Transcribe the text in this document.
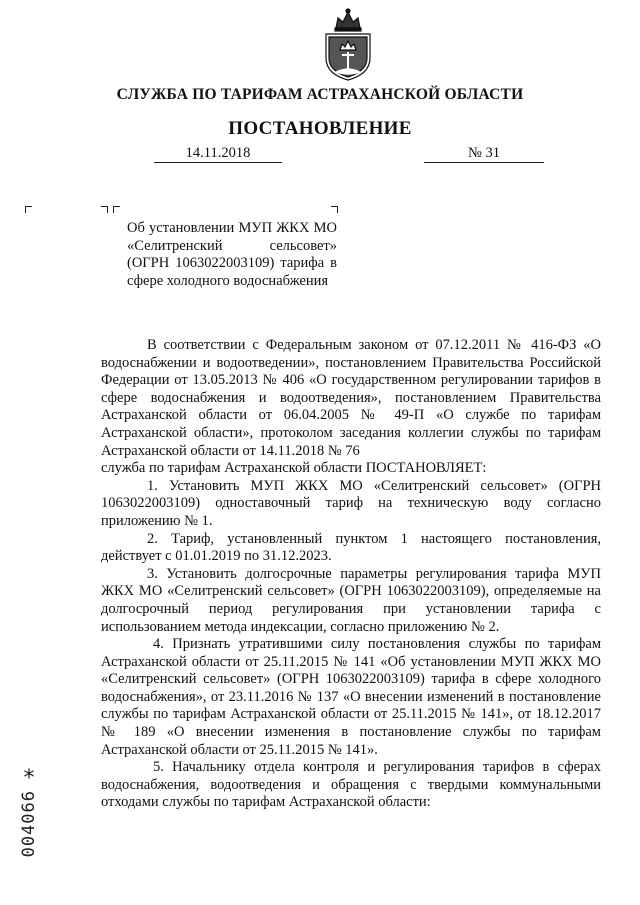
СЛУЖБА ПО ТАРИФАМ АСТРАХАНСКОЙ ОБЛАСТИ
ПОСТАНОВЛЕНИЕ
14.11.2018	№ 31
Об установлении МУП ЖКХ МО «Селитренский сельсовет» (ОГРН 1063022003109) тарифа в сфере холодного водоснабжения

В соответствии с Федеральным законом от 07.12.2011 № 416-ФЗ «О водоснабжении и водоотведении», постановлением Правительства Российской Федерации от 13.05.2013 № 406 «О государственном регулировании тарифов в сфере водоснабжения и водоотведения», постановлением Правительства Астраханской области от 06.04.2005 № 49-П «О службе по тарифам Астраханской области», протоколом заседания коллегии службы по тарифам Астраханской области от 14.11.2018 № 76

служба по тарифам Астраханской области ПОСТАНОВЛЯЕТ:

1. Установить МУП ЖКХ МО «Селитренский сельсовет» (ОГРН 1063022003109) одноставочный тариф на техническую воду согласно приложению № 1.

2. Тариф, установленный пунктом 1 настоящего постановления, действует с 01.01.2019 по 31.12.2023.

3. Установить долгосрочные параметры регулирования тарифа МУП ЖКХ МО «Селитренский сельсовет» (ОГРН 1063022003109), определяемые на долгосрочный период регулирования при установлении тарифа с использованием метода индексации, согласно приложению № 2.

4. Признать утратившими силу постановления службы по тарифам Астраханской области от 25.11.2015 № 141 «Об установлении МУП ЖКХ МО «Селитренский сельсовет» (ОГРН 1063022003109) тарифа в сфере холодного водоснабжения», от 23.11.2016 № 137 «О внесении изменений в постановление службы по тарифам Астраханской области от 25.11.2015 № 141», от 18.12.2017 № 189 «О внесении изменения в постановление службы по тарифам Астраханской области от 25.11.2015 № 141».

5. Начальнику отдела контроля и регулирования тарифов в сферах водоснабжения, водоотведения и обращения с твердыми коммунальными отходами службы по тарифам Астраханской области:

*
004066
